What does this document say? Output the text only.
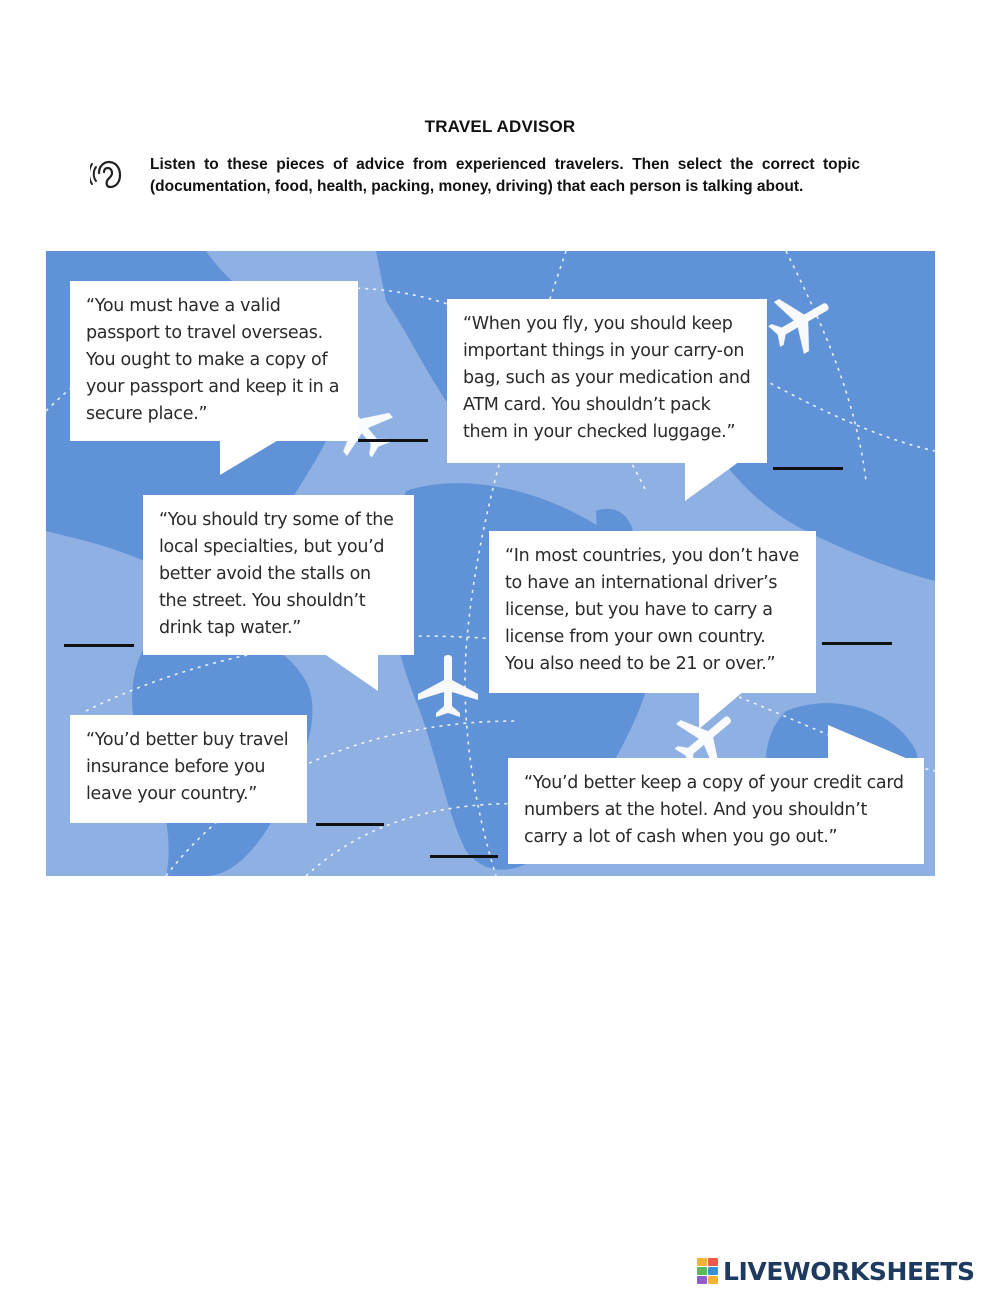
TRAVEL ADVISOR
Listen to these pieces of advice from experienced travelers. Then select the correct topic (documentation, food, health, packing, money, driving) that each person is talking about.
“You must have a valid passport to travel overseas. You ought to make a copy of your passport and keep it in a secure place.”
“When you fly, you should keep important things in your carry-on bag, such as your medication and ATM card. You shouldn’t pack them in your checked luggage.”
“You should try some of the local specialties, but you’d better avoid the stalls on the street. You shouldn’t drink tap water.”
“In most countries, you don’t have to have an international driver’s license, but you have to carry a license from your own country. You also need to be 21 or over.”
“You’d better buy travel insurance before you leave your country.”
“You’d better keep a copy of your credit card numbers at the hotel. And you shouldn’t carry a lot of cash when you go out.”
LIVEWORKSHEETS
